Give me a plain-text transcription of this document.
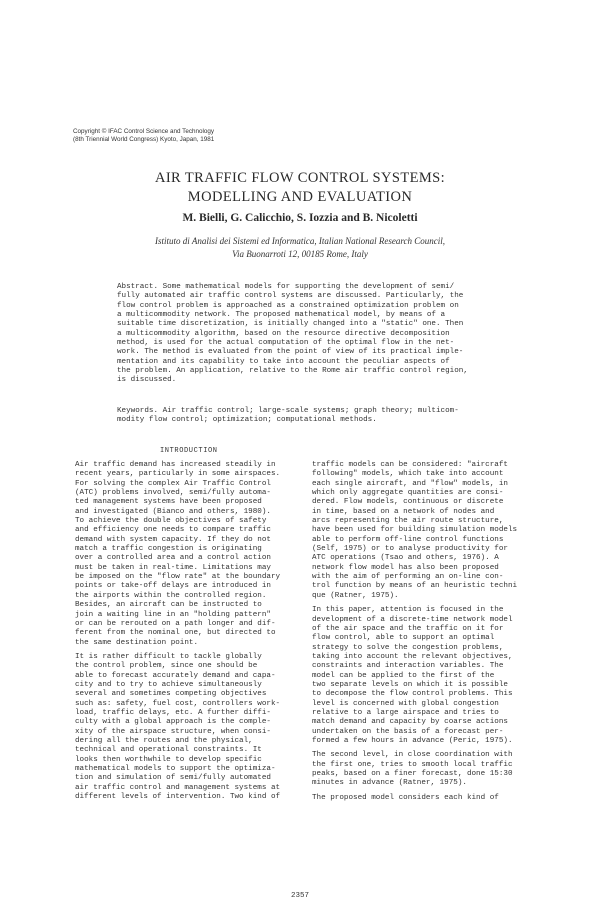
Copyright © IFAC Control Science and Technology
(8th Triennial World Congress) Kyoto, Japan, 1981
AIR TRAFFIC FLOW CONTROL SYSTEMS:
MODELLING AND EVALUATION
M. Bielli, G. Calicchio, S. Iozzia and B. Nicoletti
Istituto di Analisi dei Sistemi ed Informatica, Italian National Research Council,
Via Buonarroti 12, 00185 Rome, Italy
Abstract. Some mathematical models for supporting the development of semi/
fully automated air traffic control systems are discussed. Particularly, the
flow control problem is approached as a constrained optimization problem on
a multicommodity network. The proposed mathematical model, by means of a
suitable time discretization, is initially changed into a "static" one. Then
a multicommodity algorithm, based on the resource directive decomposition
method, is used for the actual computation of the optimal flow in the net-
work. The method is evaluated from the point of view of its practical imple-
mentation and its capability to take into account the peculiar aspects of
the problem. An application, relative to the Rome air traffic control region,
is discussed.
Keywords. Air traffic control; large-scale systems; graph theory; multicom-
modity flow control; optimization; computational methods.
INTRODUCTION
Air traffic demand has increased steadily in
recent years, particularly in some airspaces.
For solving the complex Air Traffic Control
(ATC) problems involved, semi/fully automa-
ted management systems have been proposed
and investigated (Bianco and others, 1980).
To achieve the double objectives of safety
and efficiency one needs to compare traffic
demand with system capacity. If they do not
match a traffic congestion is originating
over a controlled area and a control action
must be taken in real-time. Limitations may
be imposed on the "flow rate" at the boundary
points or take-off delays are introduced in
the airports within the controlled region.
Besides, an aircraft can be instructed to
join a waiting line in an "holding pattern"
or can be rerouted on a path longer and dif-
ferent from the nominal one, but directed to
the same destination point.
It is rather difficult to tackle globally
the control problem, since one should be
able to forecast accurately demand and capa-
city and to try to achieve simultaneously
several and sometimes competing objectives
such as: safety, fuel cost, controllers work-
load, traffic delays, etc. A further diffi-
culty with a global approach is the comple-
xity of the airspace structure, when consi-
dering all the routes and the physical,
technical and operational constraints. It
looks then worthwhile to develop specific
mathematical models to support the optimiza-
tion and simulation of semi/fully automated
air traffic control and management systems at
different levels of intervention. Two kind of
traffic models can be considered: "aircraft
following" models, which take into account
each single aircraft, and "flow" models, in
which only aggregate quantities are consi-
dered. Flow models, continuous or discrete
in time, based on a network of nodes and
arcs representing the air route structure,
have been used for building simulation models
able to perform off-line control functions
(Self, 1975) or to analyse productivity for
ATC operations (Tsao and others, 1976). A
network flow model has also been proposed
with the aim of performing an on-line con-
trol function by means of an heuristic techni
que (Ratner, 1975).
In this paper, attention is focused in the
development of a discrete-time network model
of the air space and the traffic on it for
flow control, able to support an optimal
strategy to solve the congestion problems,
taking into account the relevant objectives,
constraints and interaction variables. The
model can be applied to the first of the
two separate levels on which it is possible
to decompose the flow control problems. This
level is concerned with global congestion
relative to a large airspace and tries to
match demand and capacity by coarse actions
undertaken on the basis of a forecast per-
formed a few hours in advance (Peric, 1975).
The second level, in close coordination with
the first one, tries to smooth local traffic
peaks, based on a finer forecast, done 15:30
minutes in advance (Ratner, 1975).
The proposed model considers each kind of
2357
